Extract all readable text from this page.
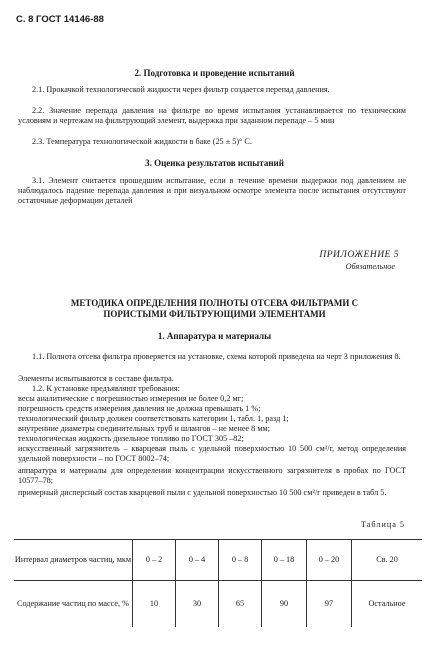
С. 8 ГОСТ 14146-88
2. Подготовка и проведение испытаний
2.1. Прокачкой технологической жидкости через фильтр создается перепад давления.
2.2. Значение перепада давления на фильтре во время испытания устанавливается по техническим условиям и чертежам на фильтрующий элемент, выдержка при заданном перепаде – 5 мин
2.3. Температура технологической жидкости в баке (25 ± 5)° С.
3. Оценка результатов испытаний
3.1. Элемент считается прошедшим испытание, если в течение времени выдержки под давлением не наблюдалось падение перепада давления и при визуальном осмотре элемента после испытания отсутствуют остаточные деформации деталей
ПРИЛОЖЕНИЕ 5
Обязательное
МЕТОДИКА ОПРЕДЕЛЕНИЯ ПОЛНОТЫ ОТСЕВА ФИЛЬТРАМИ С
ПОРИСТЫМИ ФИЛЬТРУЮЩИМИ ЭЛЕМЕНТАМИ
1. Аппаратура и материалы
1.1. Полнота отсева фильтра проверяется на установке, схема которой приведена на черт 3 приложения 8.
Элементы испытываются в составе фильтра.
1.2. К установке предъявляют требования:
весы аналитические с погрешностью измерения не более 0,2 мг;
погрешность средств измерения давления не должна превышать 1 %;
технологический фильтр должен соответствовать категории 1, табл. 1, разд 1;
внутренние диаметры соединительных труб и шлангов – не менее 8 мм;
технологическая жидкость дизельное топливо по ГОСТ 305 –82;
искусственный загрязнитель – кварцевая пыль с удельной поверхностью 10 500 см²/г, метод определения удельной поверхности – по ГОСТ 8002–74;
аппаратура и материалы для определения концентрации искусственного загрязнителя в пробах по ГОСТ 10577–78;
примерный дисперсный состав кварцевой пыли с удельной поверхностью 10 500 см²/г приведен в табл 5.
Таблица 5
Интервал диаметров частиц, мкм	0 – 2	0 – 4	0 – 8	0 – 18	0 – 20	Св. 20
Содержание частиц по массе, %	10	30	65	90	97	Остальное
